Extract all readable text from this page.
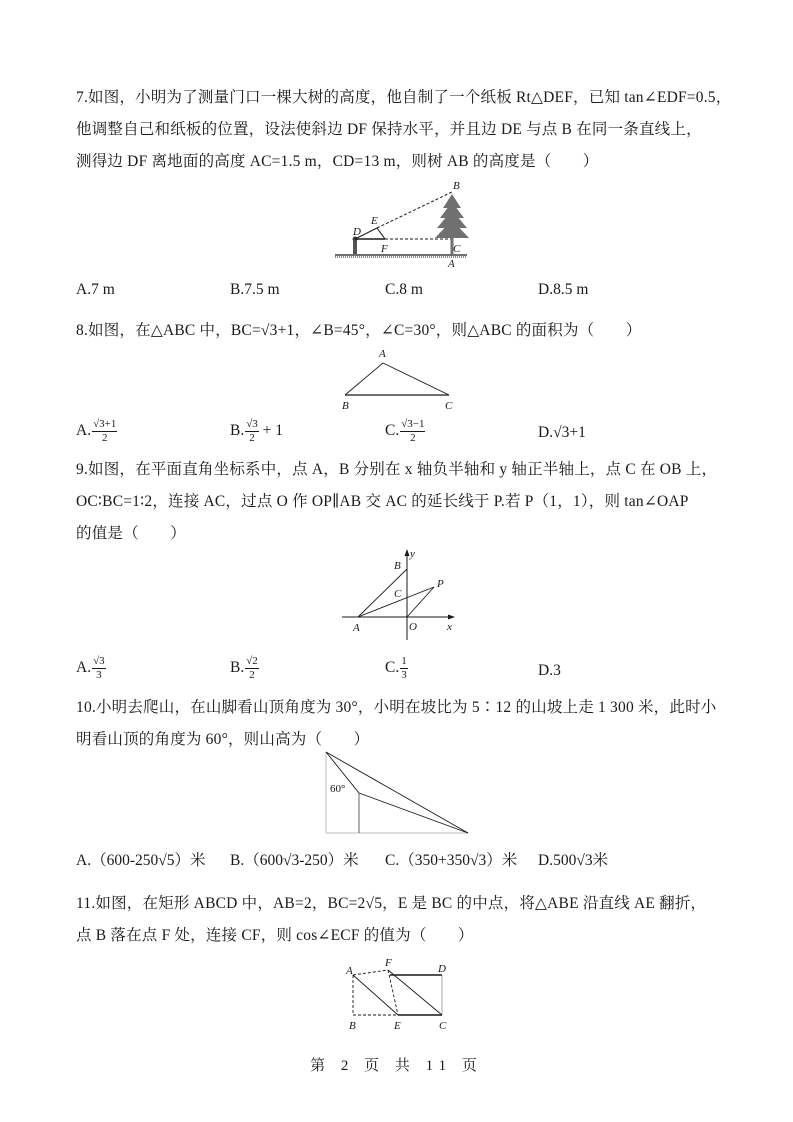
7.如图，小明为了测量门口一棵大树的高度，他自制了一个纸板 Rt△DEF，已知 tan∠EDF=0.5，
他调整自己和纸板的位置，设法使斜边 DF 保持水平，并且边 DE 与点 B 在同一条直线上，
测得边 DF 离地面的高度 AC=1.5 m，CD=13 m，则树 AB 的高度是（　　）
B
E
D
F	C
A
A.7 m	B.7.5 m	C.8 m	D.8.5 m
8.如图，在△ABC 中，BC=√3+1，∠B=45°，∠C=30°，则△ABC 的面积为（　　）
A
B	C
A. $\frac{√3+1}{2}$	B. $\frac{√3}{2} + 1$	C. $\frac{√3-1}{2}$	D.√3+1
9.如图，在平面直角坐标系中，点 A，B 分别在 x 轴负半轴和 y 轴正半轴上，点 C 在 OB 上，
OC∶BC=1∶2，连接 AC，过点 O 作 OP∥AB 交 AC 的延长线于 P.若 P（1，1），则 tan∠OAP
的值是（　　）
y
B
C
P
A	O	x
A. $\frac{√3}{3}$	B. $\frac{√2}{2}$	C. $\frac{1}{3}$	D.3
10.小明去爬山，在山脚看山顶角度为 30°，小明在坡比为 5∶12 的山坡上走 1 300 米，此时小
明看山顶的角度为 60°，则山高为（　　）
60°
A.（600-250√5）米 B.（600√3-250）米 C.（350+350√3）米 D.500√3米
11.如图，在矩形 ABCD 中，AB=2，BC=2√5，E 是 BC 的中点，将△ABE 沿直线 AE 翻折，
点 B 落在点 F 处，连接 CF，则 cos∠ECF 的值为（　　）
A
F	D
B	E	C
第 2 页 共 11 页
